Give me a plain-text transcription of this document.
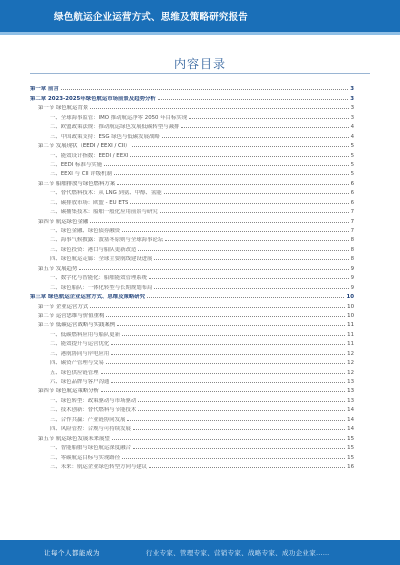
绿色航运企业运营方式、思维及策略研究报告
内容目录
第一章 前言	3
第二章 2023-2025年绿色航运市场前景及趋势分析	3
第一节 绿色航运背景	3
一、全球海事监管：IMO 推动航运净零 2050 年目标实现	3
二、欧盟政策法规：推动航运绿色发展低碳转型与减排	4
三、中国政策支持：ESG 绿色与低碳发展战略	4
第二节 发展现状（EEDI / EEXI / CII）	5
一、能效设计指数：EEDI / EEXI	5
二、EEDI 标准与实施	5
三、EEXI 与 CII 评级机制	5
第三节 船舶排放与绿色燃料方案	6
一、替代燃料技术：从 LNG 到氨、甲醇、氢能	6
二、碳排放市场：欧盟 - EU ETS	6
三、碳捕集技术：船舶一般化应用前景与研究	7
第四节 航运绿色金融	7
一、绿色金融、绿色债券融资	7
二、海事气候披露：波塞冬原则与全球海事论坛	8
三、绿色投资：港口与船队更新改造	8
四、绿色航运走廊：全球主要航线建设进展	8
第五节 发展趋势	9
一、数字化与智能化：船舶能效管理系统	9
二、绿色船队：一体化转型与长期规划布局	9
第三章 绿色航运企业运营方式、思维及策略研究	10
第一节 企业运营方式	10
第二节 运营思维与价值重构	10
第三节 低碳运营战略与实践案例	11
一、低碳燃料应用与船队更新	11
二、能效提升与运营优化	11
三、港航协同与岸电应用	12
四、碳资产管理与交易	12
五、绿色供应链管理	12
六、绿色品牌与客户沟通	13
第四节 绿色航运策略分析	13
一、绿色转型：政策驱动与市场驱动	13
二、技术创新：替代燃料与节能技术	14
三、合作共赢：产业链协同发展	14
四、风险管控：合规与可持续发展	14
第五节 航运绿色发展未来展望	15
一、智能船舶与绿色航运深度融合	15
二、零碳航运目标与实现路径	15
三、未来：航运企业绿色转型方向与建议	16
让每个人都能成为	行业专家、管理专家、营销专家、战略专家、成功企业家……
